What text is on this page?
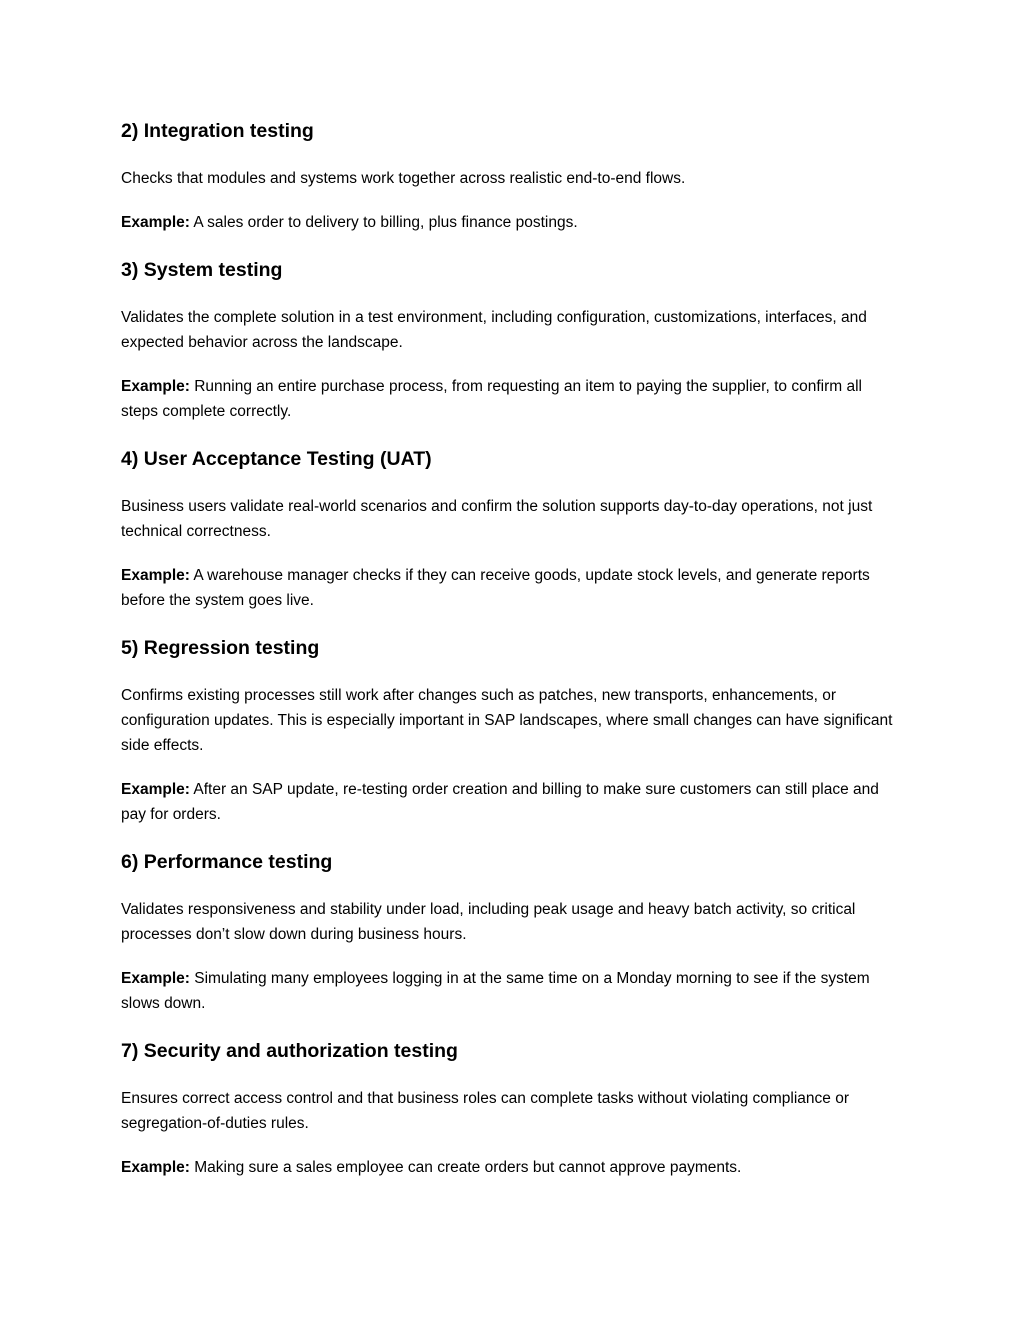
2) Integration testing

Checks that modules and systems work together across realistic end-to-end flows.

Example: A sales order to delivery to billing, plus finance postings.

3) System testing

Validates the complete solution in a test environment, including configuration, customizations, interfaces, and expected behavior across the landscape.

Example: Running an entire purchase process, from requesting an item to paying the supplier, to confirm all steps complete correctly.

4) User Acceptance Testing (UAT)

Business users validate real-world scenarios and confirm the solution supports day-to-day operations, not just technical correctness.

Example: A warehouse manager checks if they can receive goods, update stock levels, and generate reports before the system goes live.

5) Regression testing

Confirms existing processes still work after changes such as patches, new transports, enhancements, or configuration updates. This is especially important in SAP landscapes, where small changes can have significant side effects.

Example: After an SAP update, re-testing order creation and billing to make sure customers can still place and pay for orders.

6) Performance testing

Validates responsiveness and stability under load, including peak usage and heavy batch activity, so critical processes don’t slow down during business hours.

Example: Simulating many employees logging in at the same time on a Monday morning to see if the system slows down.

7) Security and authorization testing

Ensures correct access control and that business roles can complete tasks without violating compliance or segregation-of-duties rules.

Example: Making sure a sales employee can create orders but cannot approve payments.
